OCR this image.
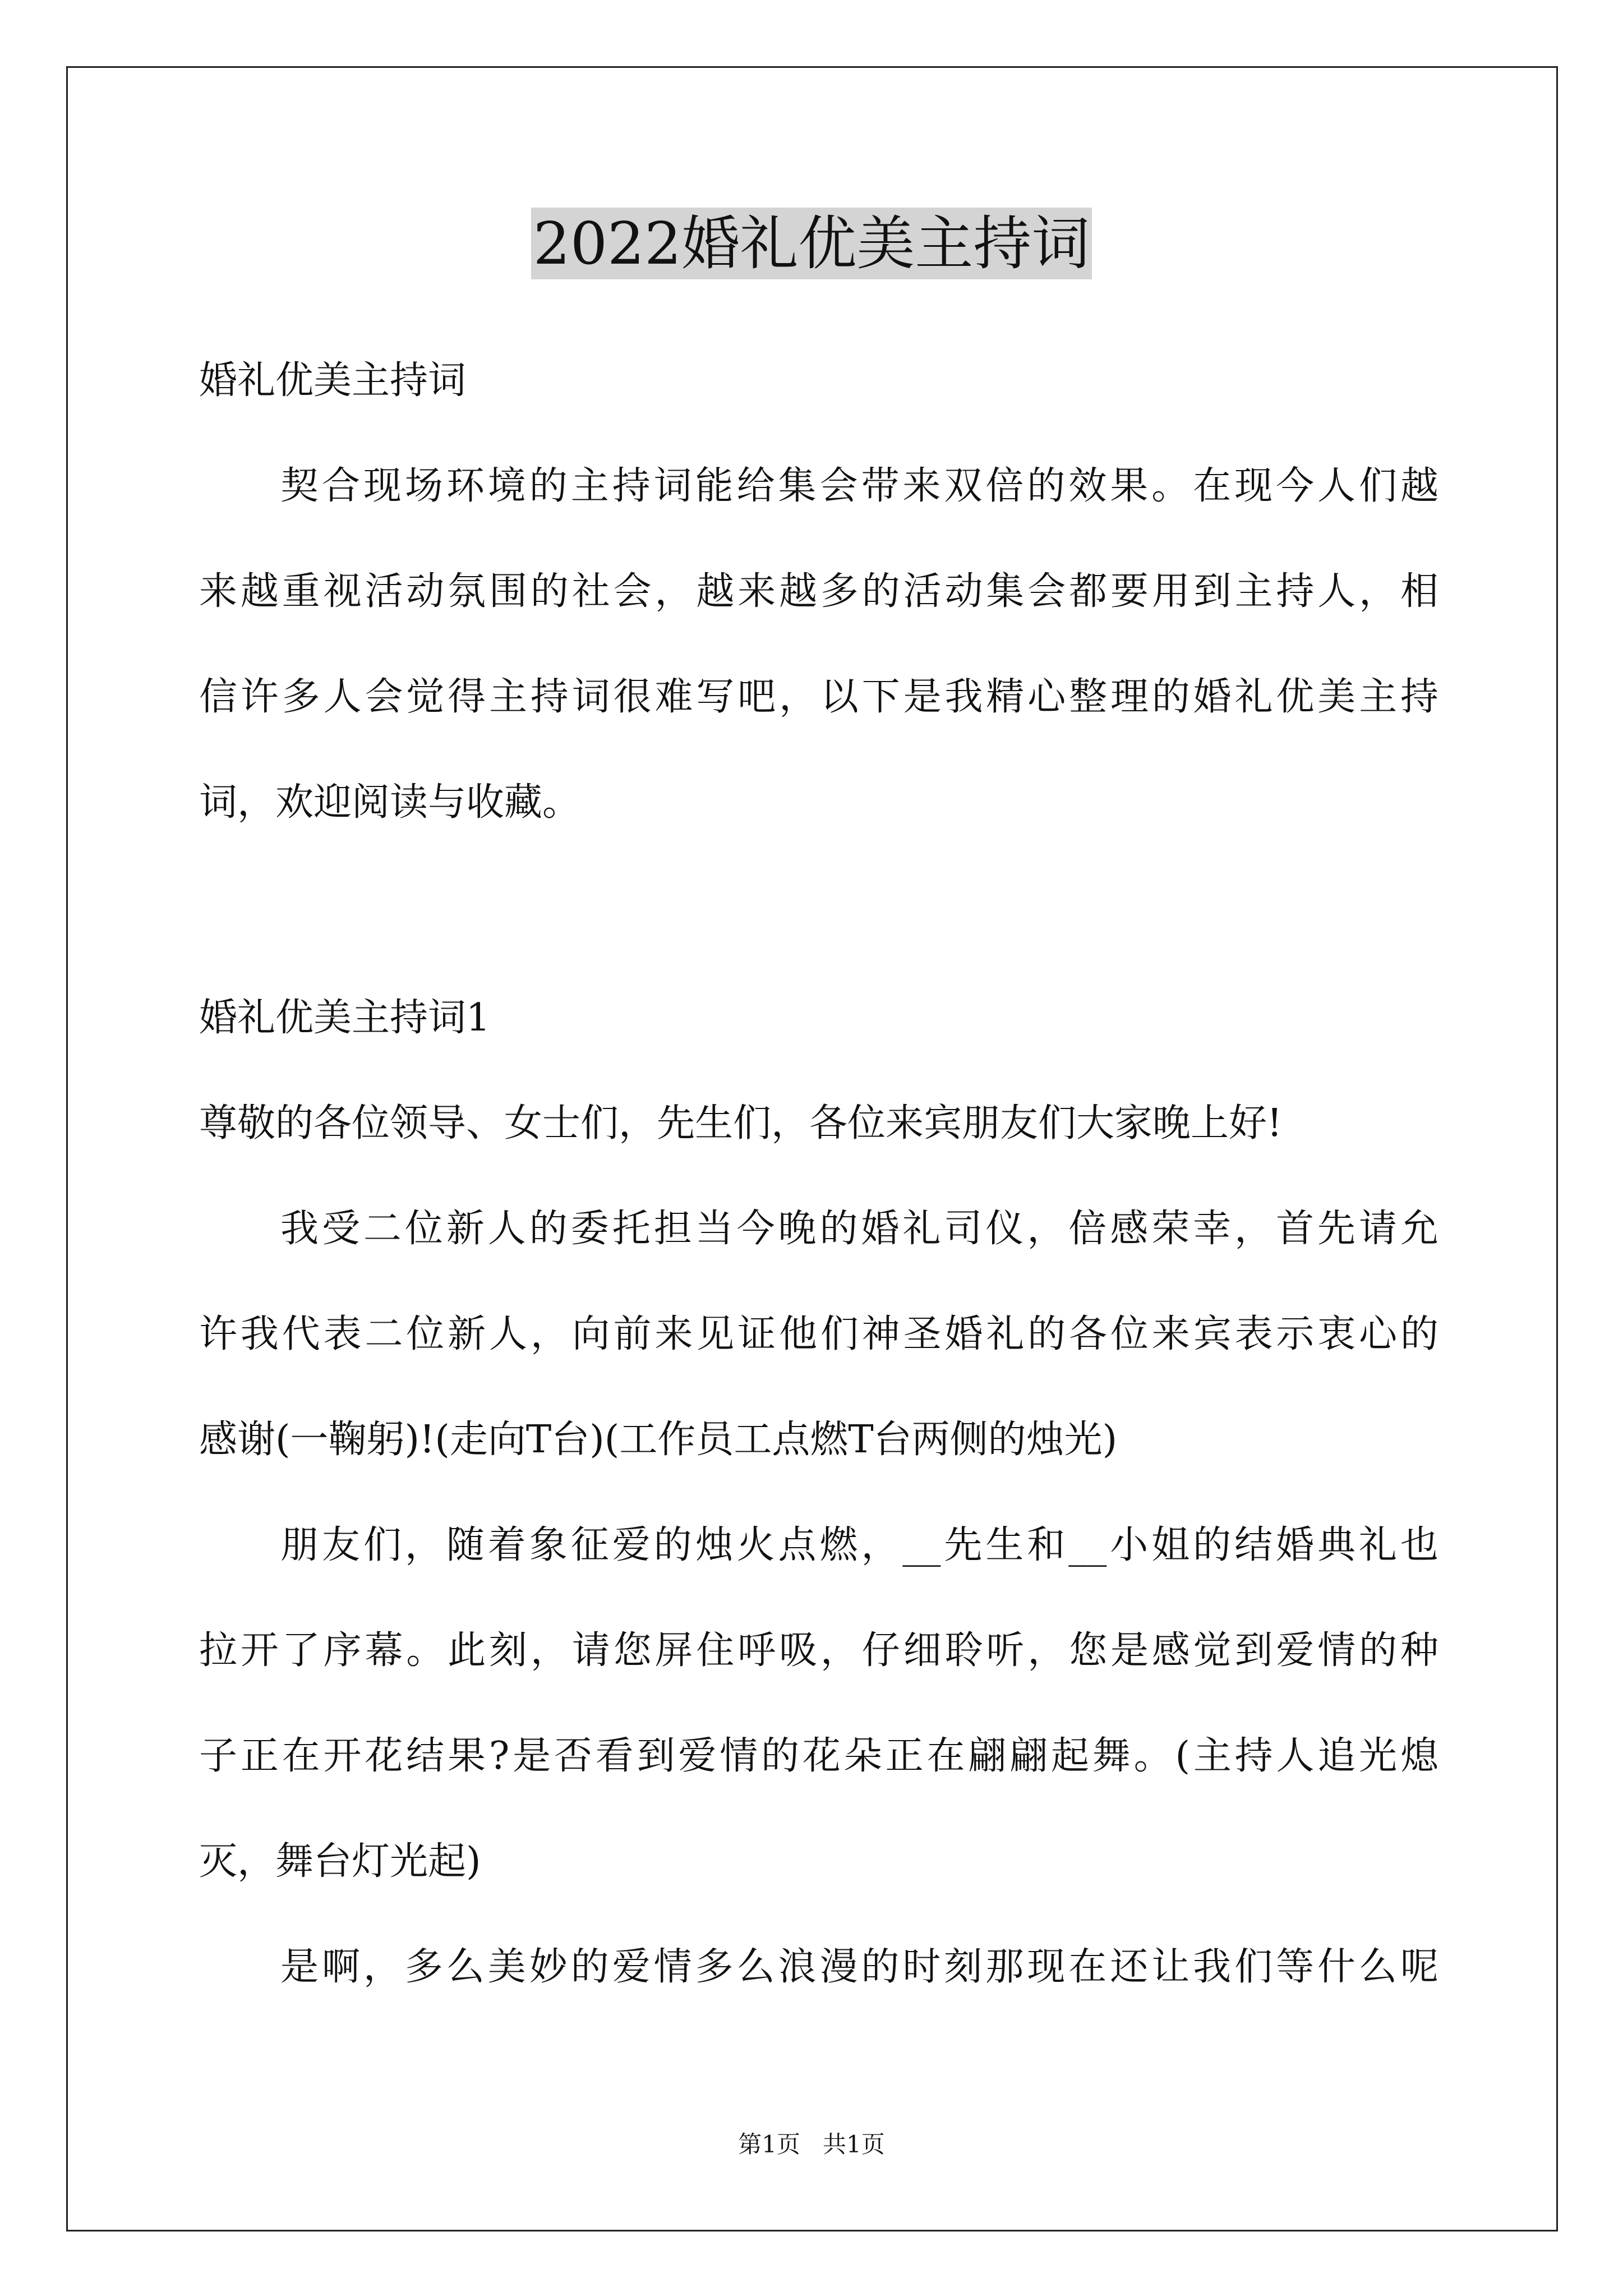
2022婚礼优美主持词
婚礼优美主持词
契合现场环境的主持词能给集会带来双倍的效果。在现今人们越
来越重视活动氛围的社会，越来越多的活动集会都要用到主持人，相
信许多人会觉得主持词很难写吧，以下是我精心整理的婚礼优美主持
词，欢迎阅读与收藏。
婚礼优美主持词1
尊敬的各位领导、女士们，先生们，各位来宾朋友们大家晚上好!
我受二位新人的委托担当今晚的婚礼司仪，倍感荣幸，首先请允
许我代表二位新人，向前来见证他们神圣婚礼的各位来宾表示衷心的
感谢(一鞠躬)!(走向T台)(工作员工点燃T台两侧的烛光)
朋友们，随着象征爱的烛火点燃，__先生和__小姐的结婚典礼也
拉开了序幕。此刻，请您屏住呼吸，仔细聆听，您是感觉到爱情的种
子正在开花结果?是否看到爱情的花朵正在翩翩起舞。(主持人追光熄
灭，舞台灯光起)
是啊，多么美妙的爱情多么浪漫的时刻那现在还让我们等什么呢
第1页   共1页
